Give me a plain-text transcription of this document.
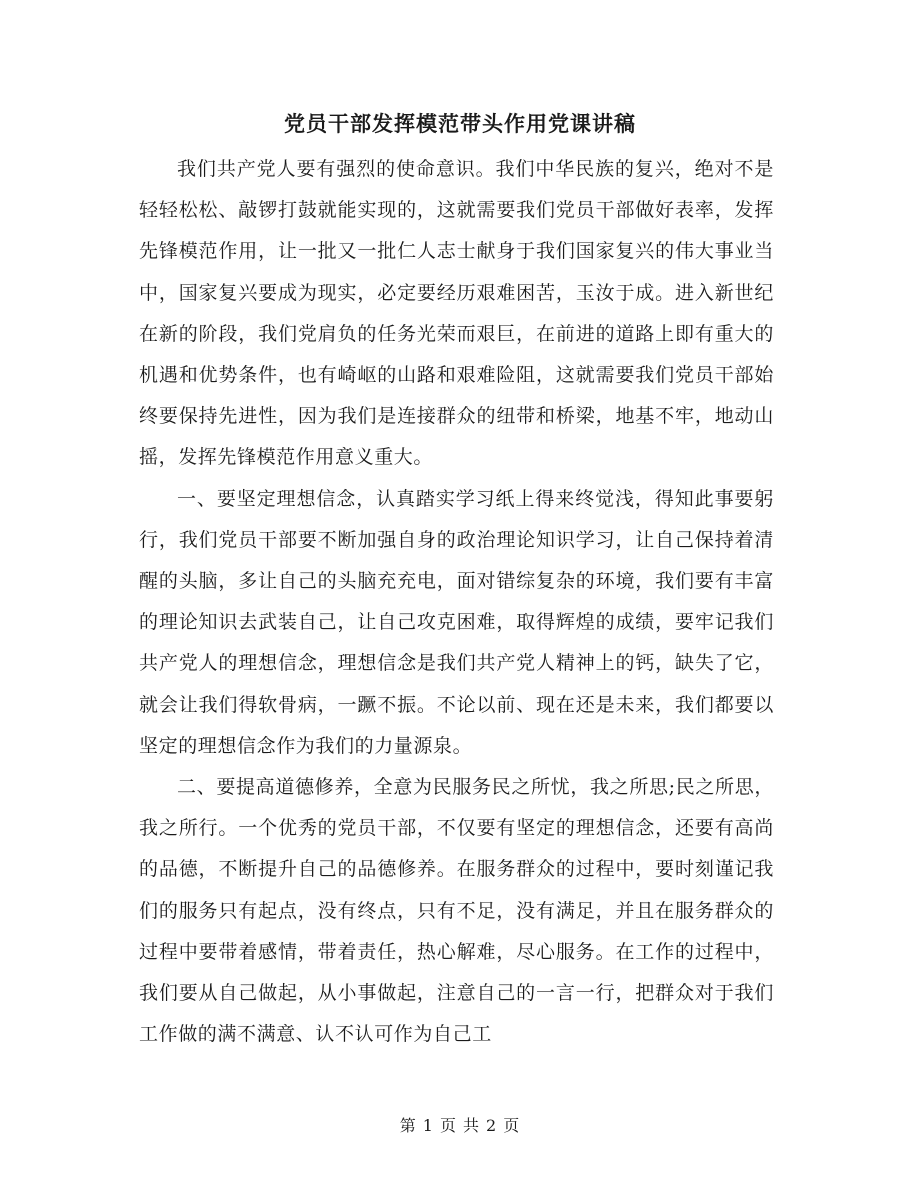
党员干部发挥模范带头作用党课讲稿

我们共产党人要有强烈的使命意识。我们中华民族的复兴，绝对不是轻轻松松、敲锣打鼓就能实现的，这就需要我们党员干部做好表率，发挥先锋模范作用，让一批又一批仁人志士献身于我们国家复兴的伟大事业当中，国家复兴要成为现实，必定要经历艰难困苦，玉汝于成。进入新世纪在新的阶段，我们党肩负的任务光荣而艰巨，在前进的道路上即有重大的机遇和优势条件，也有崎岖的山路和艰难险阻，这就需要我们党员干部始终要保持先进性，因为我们是连接群众的纽带和桥梁，地基不牢，地动山摇，发挥先锋模范作用意义重大。

一、要坚定理想信念，认真踏实学习纸上得来终觉浅，得知此事要躬行，我们党员干部要不断加强自身的政治理论知识学习，让自己保持着清醒的头脑，多让自己的头脑充充电，面对错综复杂的环境，我们要有丰富的理论知识去武装自己，让自己攻克困难，取得辉煌的成绩，要牢记我们共产党人的理想信念，理想信念是我们共产党人精神上的钙，缺失了它，就会让我们得软骨病，一蹶不振。不论以前、现在还是未来，我们都要以坚定的理想信念作为我们的力量源泉。

二、要提高道德修养，全意为民服务民之所忧，我之所思;民之所思，我之所行。一个优秀的党员干部，不仅要有坚定的理想信念，还要有高尚的品德，不断提升自己的品德修养。在服务群众的过程中，要时刻谨记我们的服务只有起点，没有终点，只有不足，没有满足，并且在服务群众的过程中要带着感情，带着责任，热心解难，尽心服务。在工作的过程中，我们要从自己做起，从小事做起，注意自己的一言一行，把群众对于我们工作做的满不满意、认不认可作为自己工

第 1 页 共 2 页
